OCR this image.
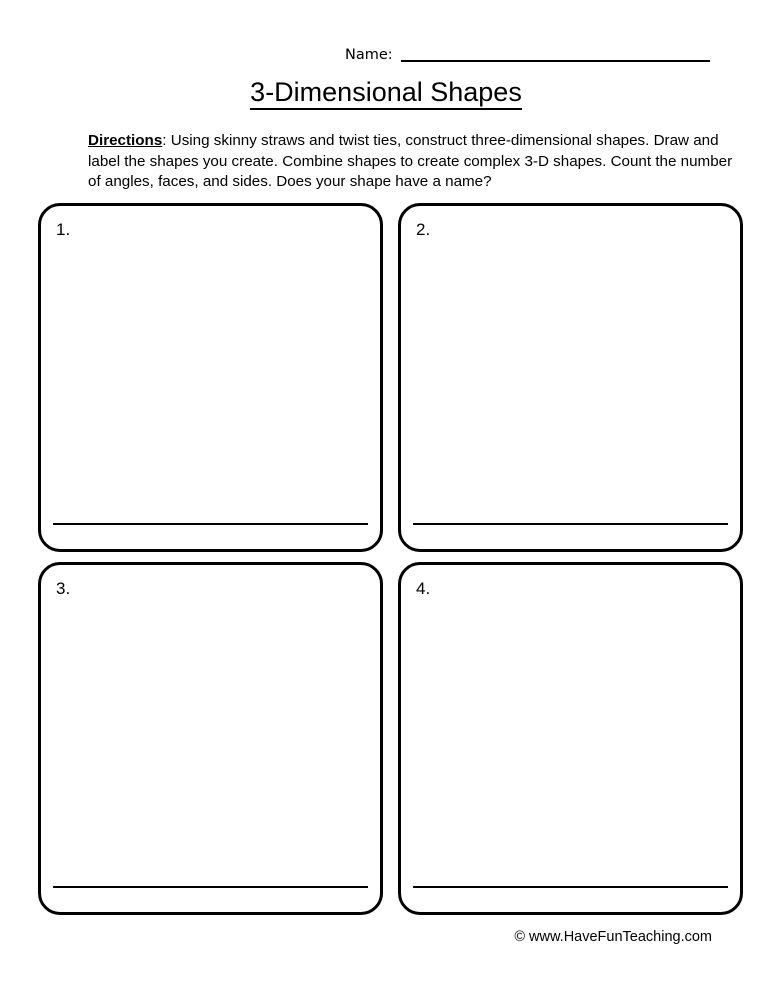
Name:
3-Dimensional Shapes

Directions: Using skinny straws and twist ties, construct three-dimensional shapes. Draw and label the shapes you create. Combine shapes to create complex 3-D shapes. Count the number of angles, faces, and sides. Does your shape have a name?

1.	2.
3.	4.
© www.HaveFunTeaching.com
